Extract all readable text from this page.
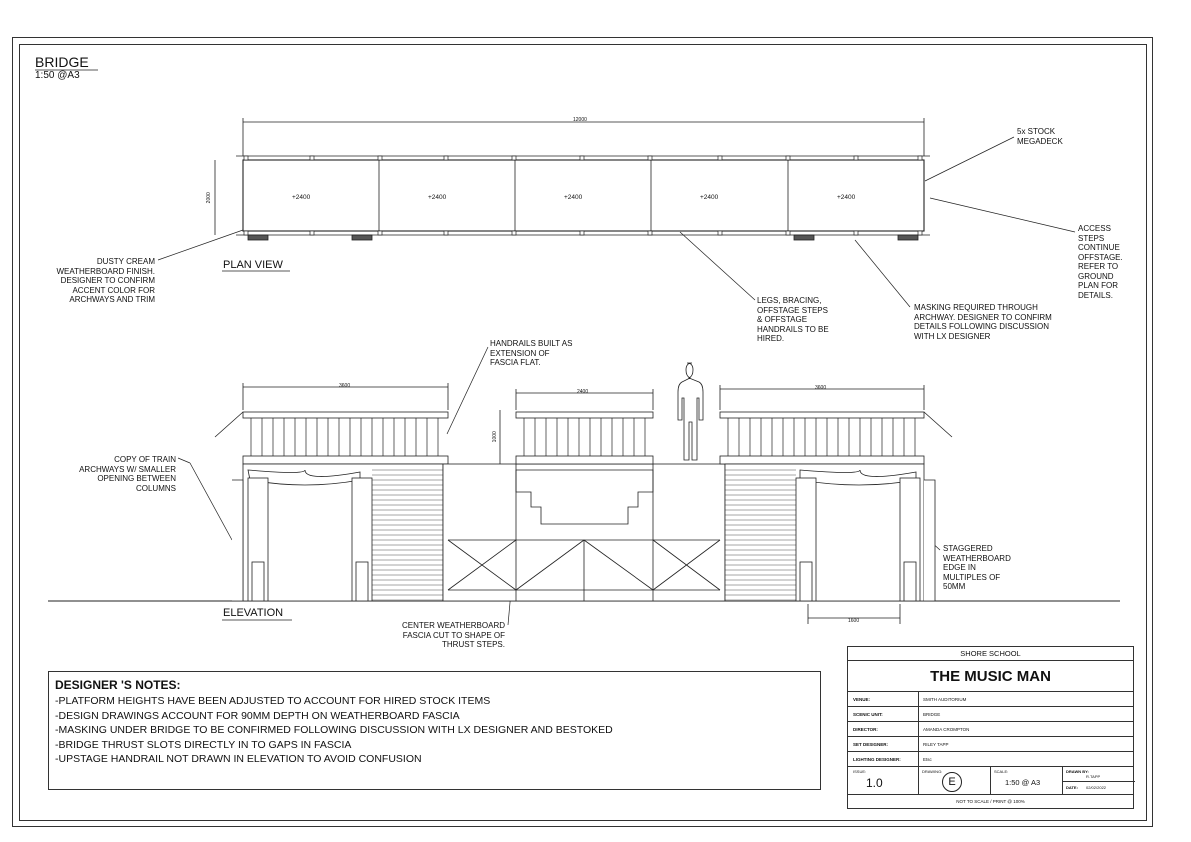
BRIDGE
1:50 @A3
12000
2000	+2400	+2400	+2400	+2400	+2400
PLAN VIEW
ELEVATION
3600
2400
3600
1000
1600
5x STOCK
MEGADECK
ACCESS
STEPS
CONTINUE
OFFSTAGE.
REFER TO
GROUND
PLAN FOR
DETAILS.
DUSTY CREAM
WEATHERBOARD FINISH.
DESIGNER TO CONFIRM
ACCENT COLOR FOR
ARCHWAYS AND TRIM	LEGS, BRACING,
OFFSTAGE STEPS
& OFFSTAGE
HANDRAILS TO BE
HIRED.
MASKING REQUIRED THROUGH
ARCHWAY. DESIGNER TO CONFIRM
DETAILS FOLLOWING DISCUSSION
WITH LX DESIGNER
HANDRAILS BUILT AS
EXTENSION OF
FASCIA FLAT.
COPY OF TRAIN
ARCHWAYS W/ SMALLER
OPENING BETWEEN
COLUMNS
STAGGERED
WEATHERBOARD
EDGE IN
MULTIPLES OF
50MM
CENTER WEATHERBOARD
FASCIA CUT TO SHAPE OF
THRUST STEPS.
DESIGNER 'S NOTES:
-PLATFORM HEIGHTS HAVE BEEN ADJUSTED TO ACCOUNT FOR HIRED STOCK ITEMS
-DESIGN DRAWINGS ACCOUNT FOR 90MM DEPTH ON WEATHERBOARD FASCIA
-MASKING UNDER BRIDGE TO BE CONFIRMED FOLLOWING DISCUSSION WITH LX DESIGNER AND BESTOKED
-BRIDGE THRUST SLOTS DIRECTLY IN TO GAPS IN FASCIA
-UPSTAGE HANDRAIL NOT DRAWN IN ELEVATION TO AVOID CONFUSION
SHORE SCHOOL
THE MUSIC MAN
VENUE:	SMITH AUDITORIUM
SCENIC UNIT:	BRIDGE
DIRECTOR:	AMANDA CROMPTON
SET DESIGNER:	RILEY TAPP
LIGHTING DESIGNER:	Etsc
ISSUE:
1.0
DRAWING:
E
SCALE:
1:50 @ A3
DRAWN BY:
R.TAPP
DATE: 02/02/2022
NOT TO SCALE / PRINT @ 100%
